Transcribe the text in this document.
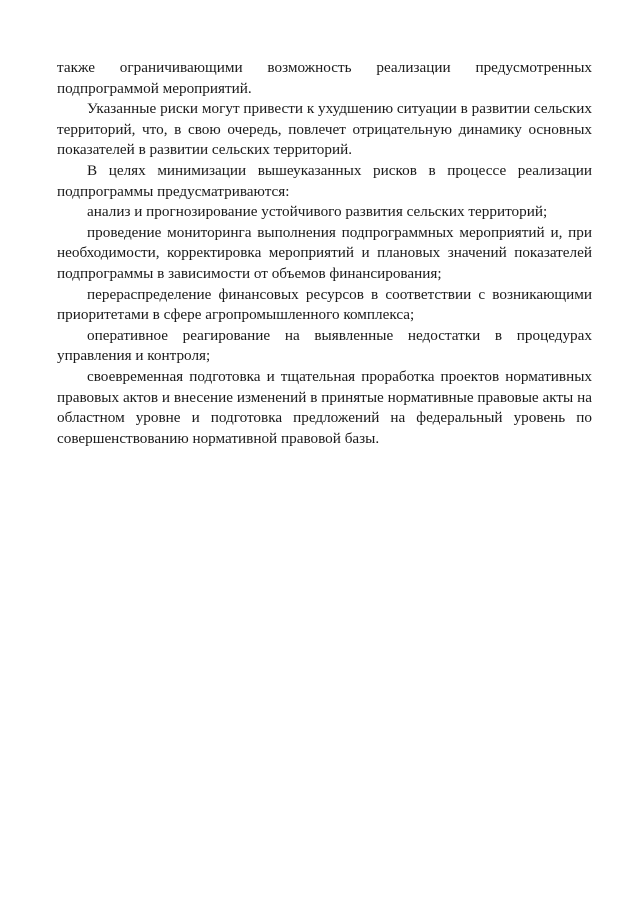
также ограничивающими возможность реализации предусмотренных подпрограммой мероприятий.

Указанные риски могут привести к ухудшению ситуации в развитии сельских территорий, что, в свою очередь, повлечет отрицательную динамику основных показателей в развитии сельских территорий.

В целях минимизации вышеуказанных рисков в процессе реализации подпрограммы предусматриваются:

анализ и прогнозирование устойчивого развития сельских территорий;

проведение мониторинга выполнения подпрограммных мероприятий и, при необходимости, корректировка мероприятий и плановых значений показателей подпрограммы в зависимости от объемов финансирования;

перераспределение финансовых ресурсов в соответствии с возникающими приоритетами в сфере агропромышленного комплекса;

оперативное реагирование на выявленные недостатки в процедурах управления и контроля;

своевременная подготовка и тщательная проработка проектов нормативных правовых актов и внесение изменений в принятые нормативные правовые акты на областном уровне и подготовка предложений на федеральный уровень по совершенствованию нормативной правовой базы.
